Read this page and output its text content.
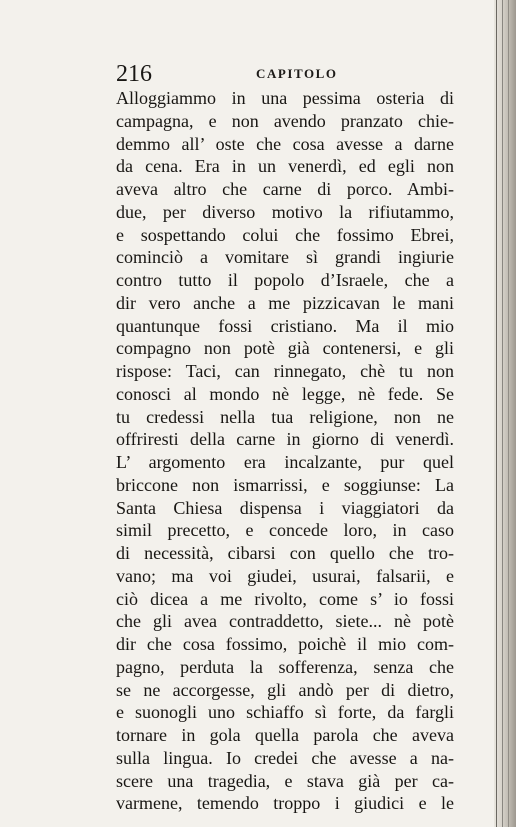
216	CAPITOLO
Alloggiammo in una pessima osteria di
campagna, e non avendo pranzato chie-
demmo all’ oste che cosa avesse a darne
da cena. Era in un venerdì, ed egli non
aveva altro che carne di porco. Ambi-
due, per diverso motivo la rifiutammo,
e sospettando colui che fossimo Ebrei,
cominciò a vomitare sì grandi ingiurie
contro tutto il popolo d’Israele, che a
dir vero anche a me pizzicavan le mani
quantunque fossi cristiano. Ma il mio
compagno non potè già contenersi, e gli
rispose: Taci, can rinnegato, chè tu non
conosci al mondo nè legge, nè fede. Se
tu credessi nella tua religione, non ne
offriresti della carne in giorno di venerdì.
L’ argomento era incalzante, pur quel
briccone non ismarrissi, e soggiunse: La
Santa Chiesa dispensa i viaggiatori da
simil precetto, e concede loro, in caso
di necessità, cibarsi con quello che tro-
vano; ma voi giudei, usurai, falsarii, e
ciò dicea a me rivolto, come s’ io fossi
che gli avea contraddetto, siete... nè potè
dir che cosa fossimo, poichè il mio com-
pagno, perduta la sofferenza, senza che
se ne accorgesse, gli andò per di dietro,
e suonogli uno schiaffo sì forte, da fargli
tornare in gola quella parola che aveva
sulla lingua. Io credei che avesse a na-
scere una tragedia, e stava già per ca-
varmene, temendo troppo i giudici e le
